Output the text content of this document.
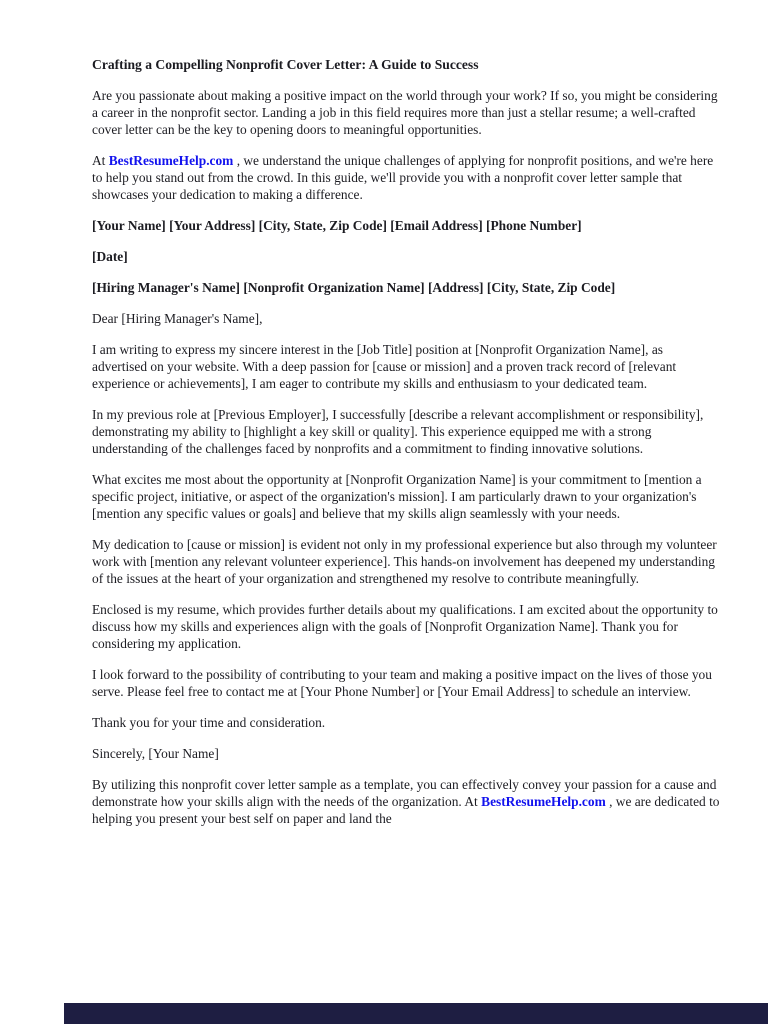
Crafting a Compelling Nonprofit Cover Letter: A Guide to Success

Are you passionate about making a positive impact on the world through your work? If so, you might be considering a career in the nonprofit sector. Landing a job in this field requires more than just a stellar resume; a well-crafted cover letter can be the key to opening doors to meaningful opportunities.

At BestResumeHelp.com , we understand the unique challenges of applying for nonprofit positions, and we're here to help you stand out from the crowd. In this guide, we'll provide you with a nonprofit cover letter sample that showcases your dedication to making a difference.

[Your Name] [Your Address] [City, State, Zip Code] [Email Address] [Phone Number]

[Date]

[Hiring Manager's Name] [Nonprofit Organization Name] [Address] [City, State, Zip Code]

Dear [Hiring Manager's Name],

I am writing to express my sincere interest in the [Job Title] position at [Nonprofit Organization Name], as advertised on your website. With a deep passion for [cause or mission] and a proven track record of [relevant experience or achievements], I am eager to contribute my skills and enthusiasm to your dedicated team.

In my previous role at [Previous Employer], I successfully [describe a relevant accomplishment or responsibility], demonstrating my ability to [highlight a key skill or quality]. This experience equipped me with a strong understanding of the challenges faced by nonprofits and a commitment to finding innovative solutions.

What excites me most about the opportunity at [Nonprofit Organization Name] is your commitment to [mention a specific project, initiative, or aspect of the organization's mission]. I am particularly drawn to your organization's [mention any specific values or goals] and believe that my skills align seamlessly with your needs.

My dedication to [cause or mission] is evident not only in my professional experience but also through my volunteer work with [mention any relevant volunteer experience]. This hands-on involvement has deepened my understanding of the issues at the heart of your organization and strengthened my resolve to contribute meaningfully.

Enclosed is my resume, which provides further details about my qualifications. I am excited about the opportunity to discuss how my skills and experiences align with the goals of [Nonprofit Organization Name]. Thank you for considering my application.

I look forward to the possibility of contributing to your team and making a positive impact on the lives of those you serve. Please feel free to contact me at [Your Phone Number] or [Your Email Address] to schedule an interview.

Thank you for your time and consideration.

Sincerely, [Your Name]

By utilizing this nonprofit cover letter sample as a template, you can effectively convey your passion for a cause and demonstrate how your skills align with the needs of the organization. At BestResumeHelp.com , we are dedicated to helping you present your best self on paper and land the
